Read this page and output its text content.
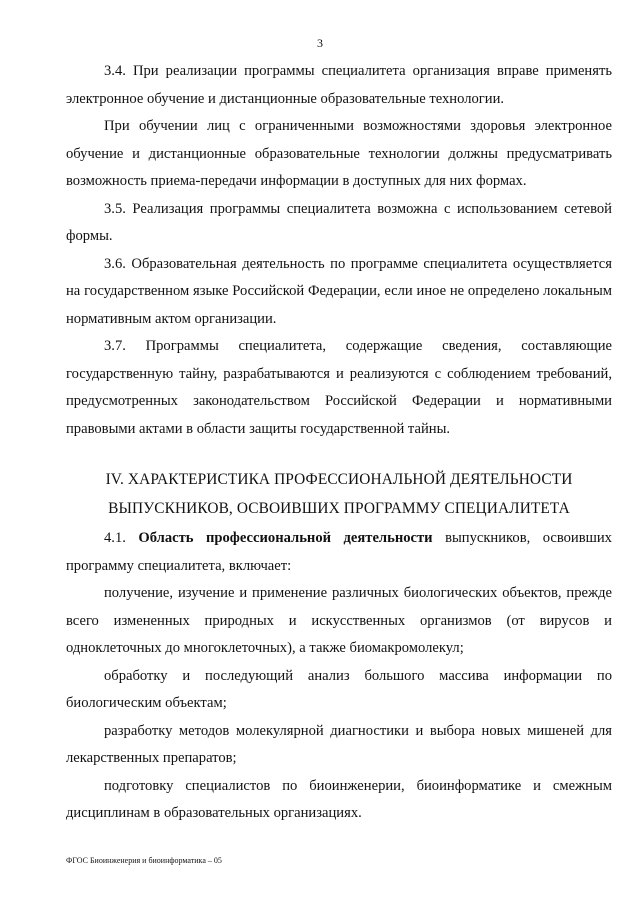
3

3.4. При реализации программы специалитета организация вправе применять электронное обучение и дистанционные образовательные технологии.

При обучении лиц с ограниченными возможностями здоровья электронное обучение и дистанционные образовательные технологии должны предусматривать возможность приема-передачи информации в доступных для них формах.

3.5. Реализация программы специалитета возможна с использованием сетевой формы.

3.6. Образовательная деятельность по программе специалитета осуществляется на государственном языке Российской Федерации, если иное не определено локальным нормативным актом организации.

3.7. Программы специалитета, содержащие сведения, составляющие государственную тайну, разрабатываются и реализуются с соблюдением требований, предусмотренных законодательством Российской Федерации и нормативными правовыми актами в области защиты государственной тайны.

IV. ХАРАКТЕРИСТИКА ПРОФЕССИОНАЛЬНОЙ ДЕЯТЕЛЬНОСТИ
ВЫПУСКНИКОВ, ОСВОИВШИХ ПРОГРАММУ СПЕЦИАЛИТЕТА

4.1. Область профессиональной деятельности выпускников, освоивших программу специалитета, включает:

получение, изучение и применение различных биологических объектов, прежде всего измененных природных и искусственных организмов (от вирусов и одноклеточных до многоклеточных), а также биомакромолекул;

обработку и последующий анализ большого массива информации по биологическим объектам;

разработку методов молекулярной диагностики и выбора новых мишеней для лекарственных препаратов;

подготовку специалистов по биоинженерии, биоинформатике и смежным дисциплинам в образовательных организациях.

ФГОС Биоинженерия и биоинформатика – 05
